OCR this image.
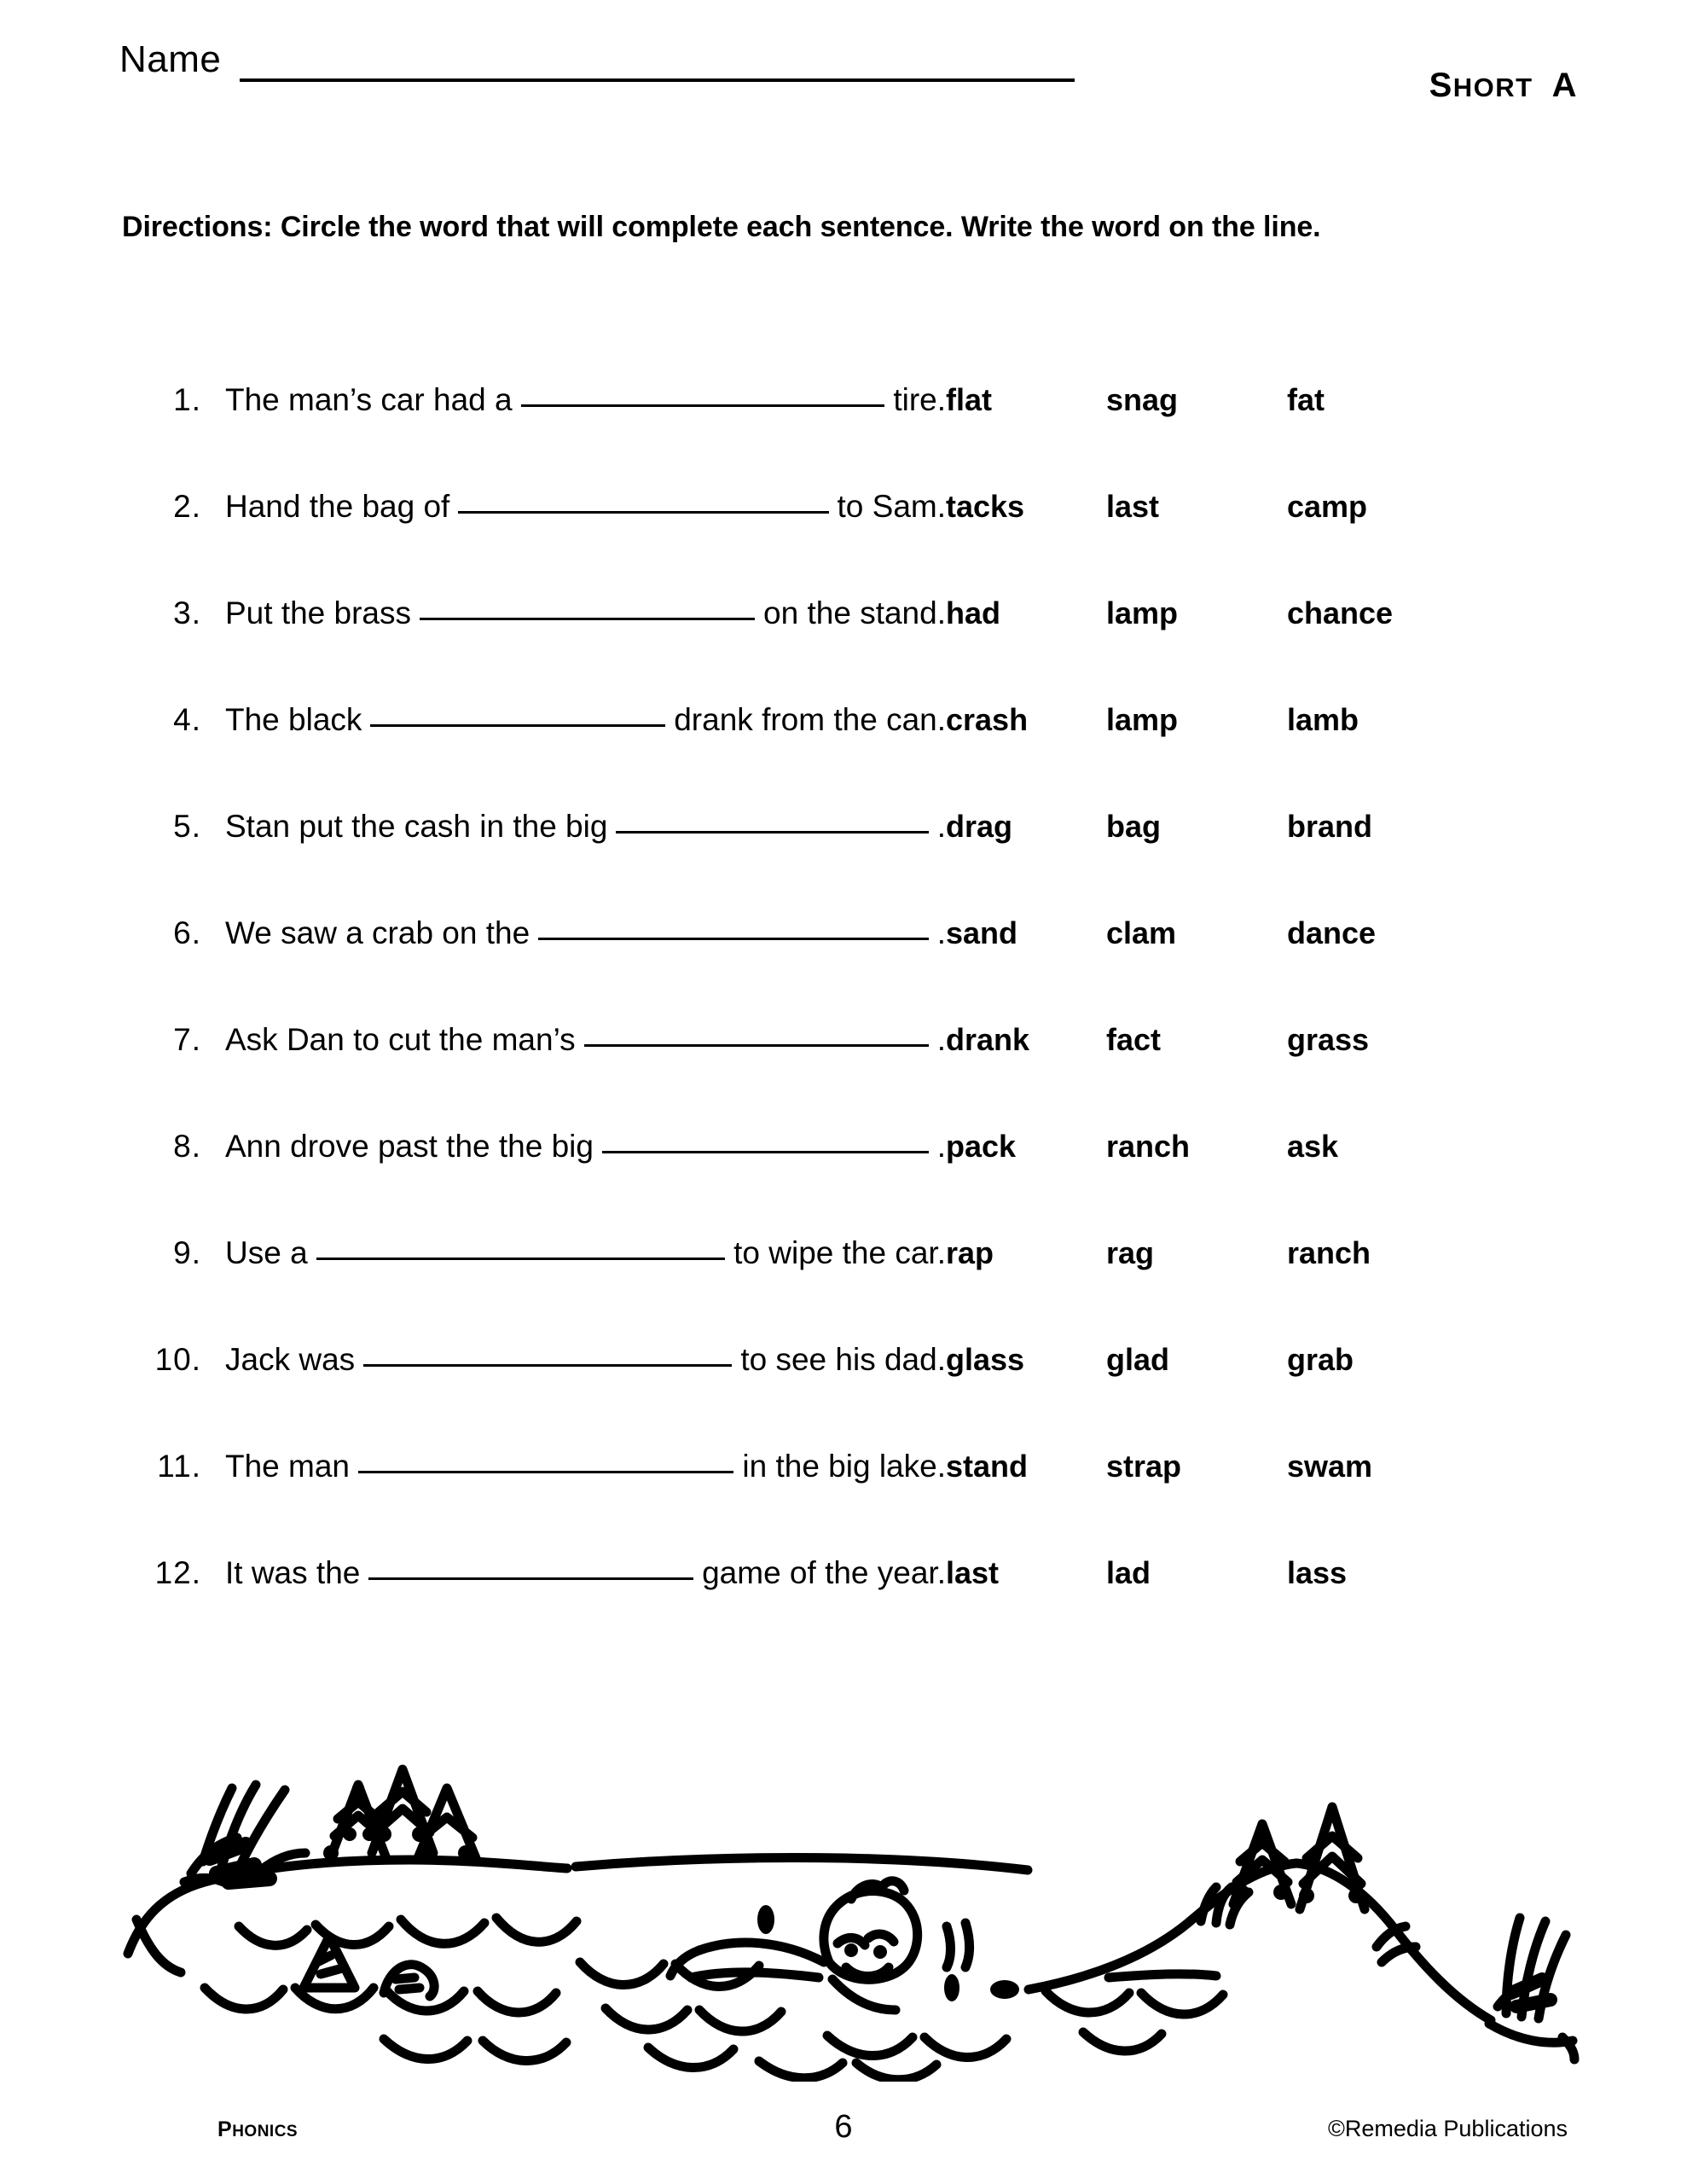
Name
SHORT A
Directions: Circle the word that will complete each sentence. Write the word on the line.
1. The man’s car had a	tire. flat	snag	fat
2. Hand the bag of	to Sam. tacks	last	camp
3. Put the brass	on the stand. had	lamp	chance
4. The black	drank from the can. crash	lamp	lamb
5. Stan put the cash in the big	. drag	bag	brand
6. We saw a crab on the	. sand	clam	dance
7. Ask Dan to cut the man’s	. drank	fact	grass
8. Ann drove past the the big	. pack	ranch	ask
9. Use a	to wipe the car. rap	rag	ranch
10. Jack was	to see his dad. glass	glad	grab
11. The man	in the big lake. stand	strap	swam
12. It was the	game of the year. last	lad	lass
PHONICS	6	©Remedia Publications
